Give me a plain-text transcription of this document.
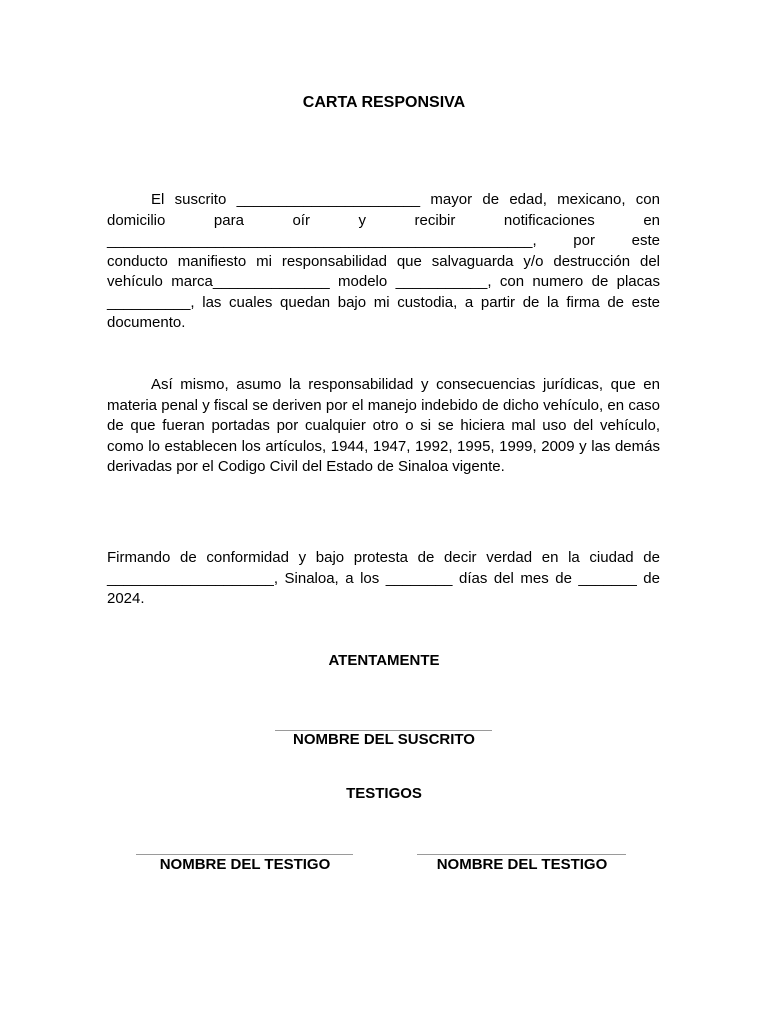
CARTA RESPONSIVA

El suscrito ______________________ mayor de edad, mexicano, con domicilio para oír y recibir notificaciones en ___________________________________________________, por este conducto manifiesto mi responsabilidad que salvaguarda y/o destrucción del vehículo marca______________ modelo ___________, con numero de placas __________, las cuales quedan bajo mi custodia, a partir de la firma de este documento.

Así mismo, asumo la responsabilidad y consecuencias jurídicas, que en materia penal y fiscal se deriven por el manejo indebido de dicho vehículo, en caso de que fueran portadas por cualquier otro o si se hiciera mal uso del vehículo, como lo establecen los artículos, 1944, 1947, 1992, 1995, 1999, 2009 y las demás derivadas por el Codigo Civil del Estado de Sinaloa vigente.

Firmando de conformidad y bajo protesta de decir verdad en la ciudad de ____________________, Sinaloa, a los ________ días del mes de _______ de 2024.

ATENTAMENTE

NOMBRE DEL SUSCRITO

TESTIGOS

NOMBRE DEL TESTIGO	NOMBRE DEL TESTIGO
